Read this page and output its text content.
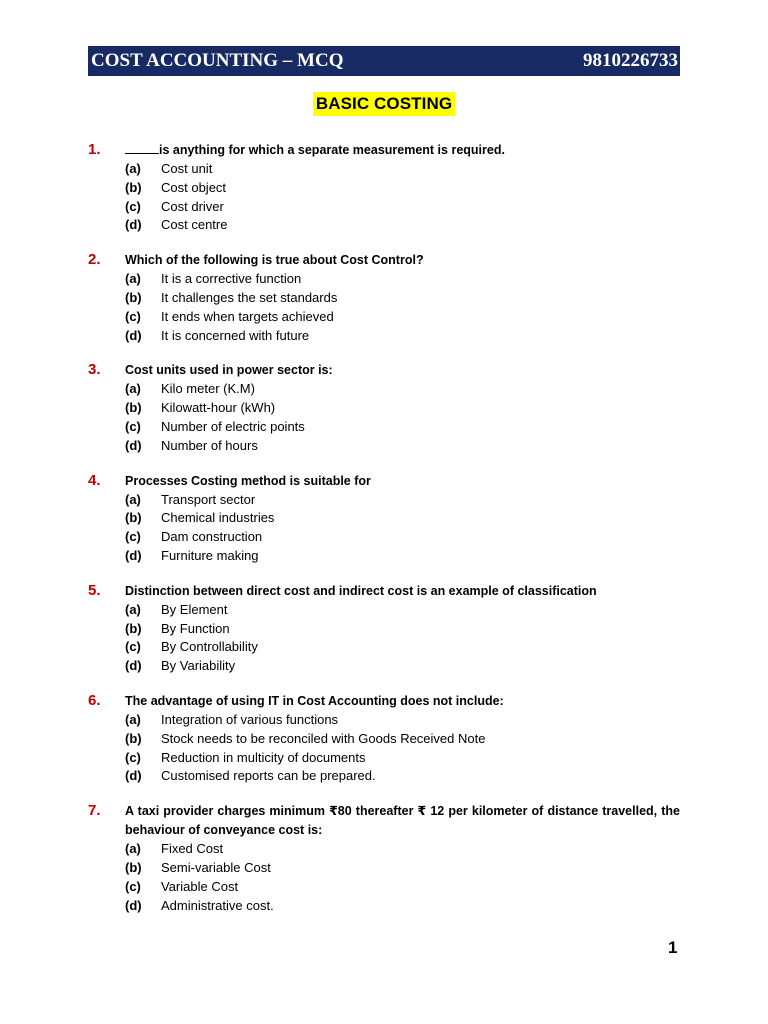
COST ACCOUNTING – MCQ	9810226733
BASIC COSTING
1.	is anything for which a separate measurement is required.
(a)	Cost unit
(b)	Cost object
(c)	Cost driver
(d)	Cost centre
2.	Which of the following is true about Cost Control?
(a)	It is a corrective function
(b)	It challenges the set standards
(c)	It ends when targets achieved
(d)	It is concerned with future
3.	Cost units used in power sector is:
(a)	Kilo meter (K.M)
(b)	Kilowatt-hour (kWh)
(c)	Number of electric points
(d)	Number of hours
4.	Processes Costing method is suitable for
(a)	Transport sector
(b)	Chemical industries
(c)	Dam construction
(d)	Furniture making
5.	Distinction between direct cost and indirect cost is an example of classification
(a)	By Element
(b)	By Function
(c)	By Controllability
(d)	By Variability
6.	The advantage of using IT in Cost Accounting does not include:
(a)	Integration of various functions
(b)	Stock needs to be reconciled with Goods Received Note
(c)	Reduction in multicity of documents
(d)	Customised reports can be prepared.
7.	A taxi provider charges minimum ₹80 thereafter ₹ 12 per kilometer of distance travelled, the behaviour of conveyance cost is:
(a)	Fixed Cost
(b)	Semi-variable Cost
(c)	Variable Cost
(d)	Administrative cost.
1
